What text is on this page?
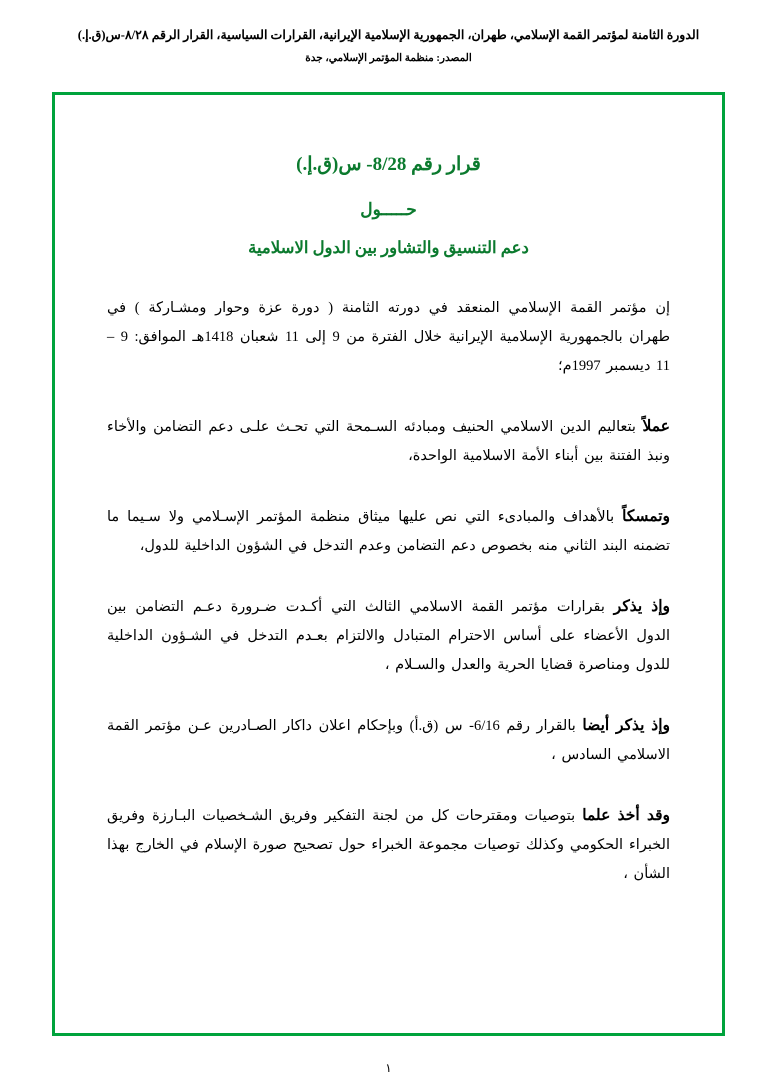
الدورة الثامنة لمؤتمر القمة الإسلامي، طهران، الجمهورية الإسلامية الإيرانية، القرارات السياسية، القرار الرقم ٨/٢٨-س(ق.إ.)
المصدر: منظمة المؤتمر الإسلامي، جدة
قرار رقم 8/28- س(ق.إ.)
حـــــول
دعم التنسيق والتشاور بين الدول الاسلامية

إن مؤتمر القمة الإسلامي المنعقد في دورته الثامنة ( دورة عزة وحوار ومشـاركة ) في طهران بالجمهورية الإسلامية الإيرانية خلال الفترة من 9 إلى 11 شعبان 1418هـ الموافق: 9 – 11 ديسمبر 1997م؛

عملاً بتعاليم الدين الاسلامي الحنيف ومبادئه السـمحة التي تحـث علـى دعم التضامن والأخاء ونبذ الفتنة بين أبناء الأمة الاسلامية الواحدة،

وتمسكاً بالأهداف والمبادىء التي نص عليها ميثاق منظمة المؤتمر الإسـلامي ولا سـيما ما تضمنه البند الثاني منه بخصوص دعم التضامن وعدم التدخل في الشؤون الداخلية للدول،

وإذ يذكر بقرارات مؤتمر القمة الاسلامي الثالث التي أكـدت ضـرورة دعـم التضامن بين الدول الأعضاء على أساس الاحترام المتبادل والالتزام بعـدم التدخل في الشـؤون الداخلية للدول ومناصرة قضايا الحرية والعدل والسـلام ،

وإذ يذكر أيضا بالقرار رقم 6/16- س (ق.أ) وبإحكام اعلان داكار الصـادرين عـن مؤتمر القمة الاسلامي السادس ،

وقد أخذ علما بتوصيات ومقترحات كل من لجنة التفكير وفريق الشـخصيات البـارزة وفريق الخبراء الحكومي وكذلك توصيات مجموعة الخبراء حول تصحيح صورة الإسلام في الخارج بهذا الشأن ،

١
